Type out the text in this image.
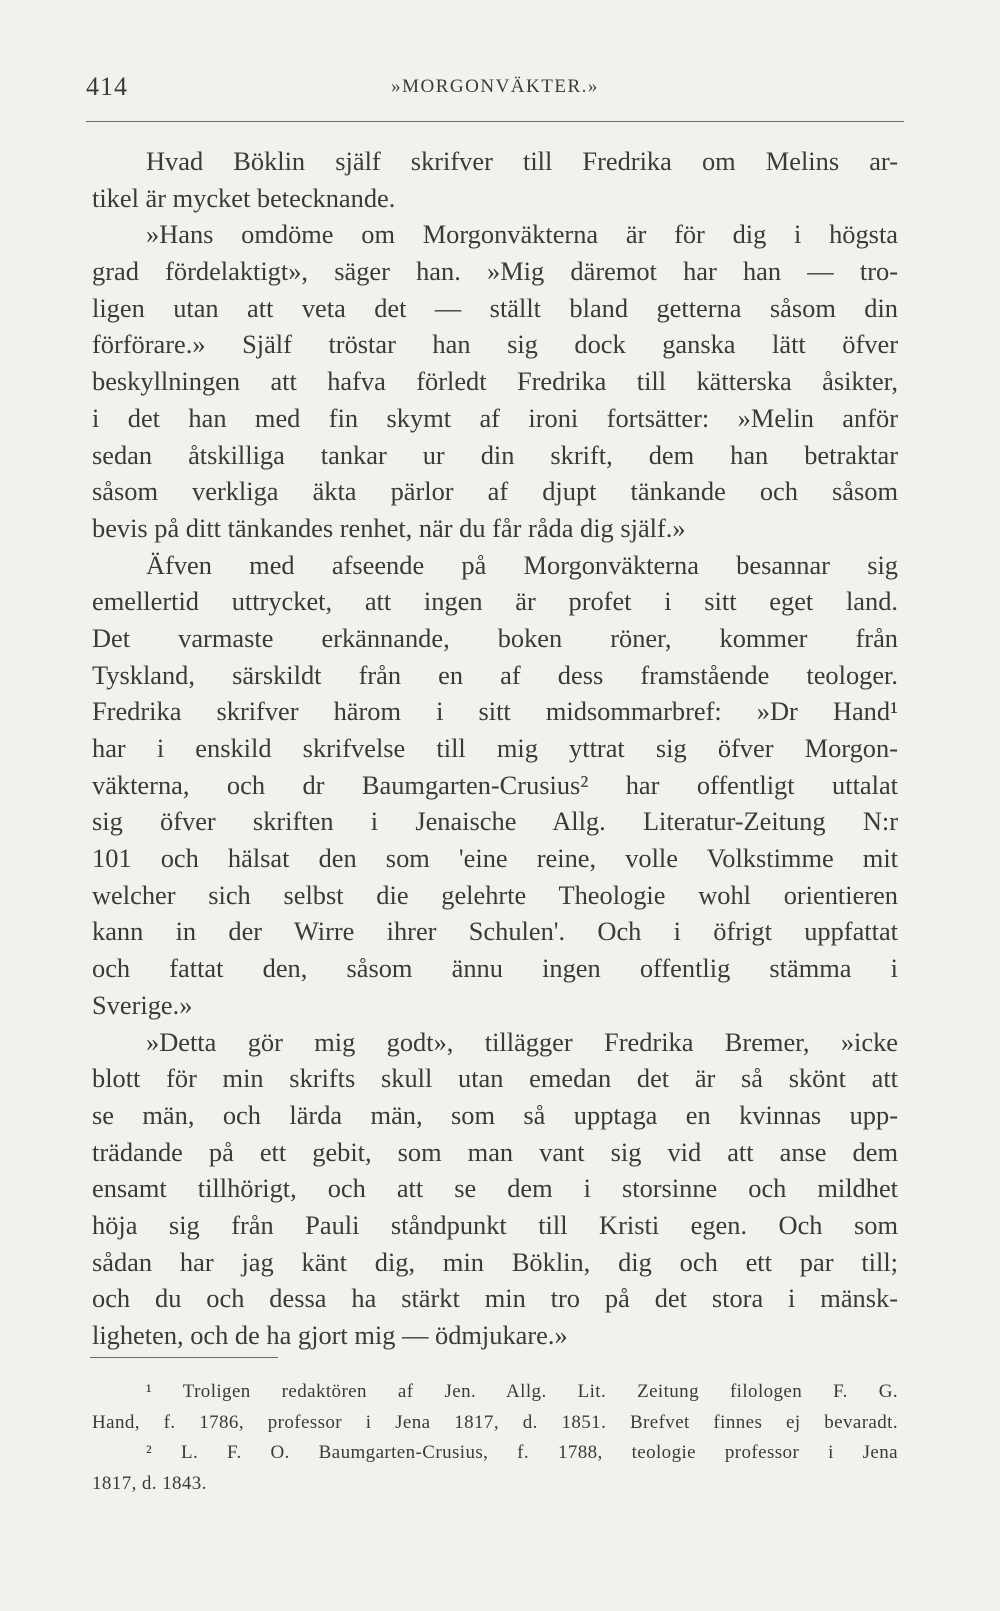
414	»MORGONVÄKTER.»
Hvad Böklin själf skrifver till Fredrika om Melins ar-
tikel är mycket betecknande.
»Hans omdöme om Morgonväkterna är för dig i högsta
grad fördelaktigt», säger han. »Mig däremot har han — tro-
ligen utan att veta det — ställt bland getterna såsom din
förförare.» Själf tröstar han sig dock ganska lätt öfver
beskyllningen att hafva förledt Fredrika till kätterska åsikter,
i det han med fin skymt af ironi fortsätter: »Melin anför
sedan åtskilliga tankar ur din skrift, dem han betraktar
såsom verkliga äkta pärlor af djupt tänkande och såsom
bevis på ditt tänkandes renhet, när du får råda dig själf.»
Äfven med afseende på Morgonväkterna besannar sig
emellertid uttrycket, att ingen är profet i sitt eget land.
Det varmaste erkännande, boken röner, kommer från
Tyskland, särskildt från en af dess framstående teologer.
Fredrika skrifver härom i sitt midsommarbref: »Dr Hand¹
har i enskild skrifvelse till mig yttrat sig öfver Morgon-
väkterna, och dr Baumgarten-Crusius² har offentligt uttalat
sig öfver skriften i Jenaische Allg. Literatur-Zeitung N:r
101 och hälsat den som 'eine reine, volle Volkstimme mit
welcher sich selbst die gelehrte Theologie wohl orientieren
kann in der Wirre ihrer Schulen'. Och i öfrigt uppfattat
och fattat den, såsom ännu ingen offentlig stämma i
Sverige.»
»Detta gör mig godt», tillägger Fredrika Bremer, »icke
blott för min skrifts skull utan emedan det är så skönt att
se män, och lärda män, som så upptaga en kvinnas upp-
trädande på ett gebit, som man vant sig vid att anse dem
ensamt tillhörigt, och att se dem i storsinne och mildhet
höja sig från Pauli ståndpunkt till Kristi egen. Och som
sådan har jag känt dig, min Böklin, dig och ett par till;
och du och dessa ha stärkt min tro på det stora i mänsk-
ligheten, och de ha gjort mig — ödmjukare.»
¹ Troligen redaktören af Jen. Allg. Lit. Zeitung filologen F. G.
Hand, f. 1786, professor i Jena 1817, d. 1851. Brefvet finnes ej bevaradt.
² L. F. O. Baumgarten-Crusius, f. 1788, teologie professor i Jena
1817, d. 1843.
